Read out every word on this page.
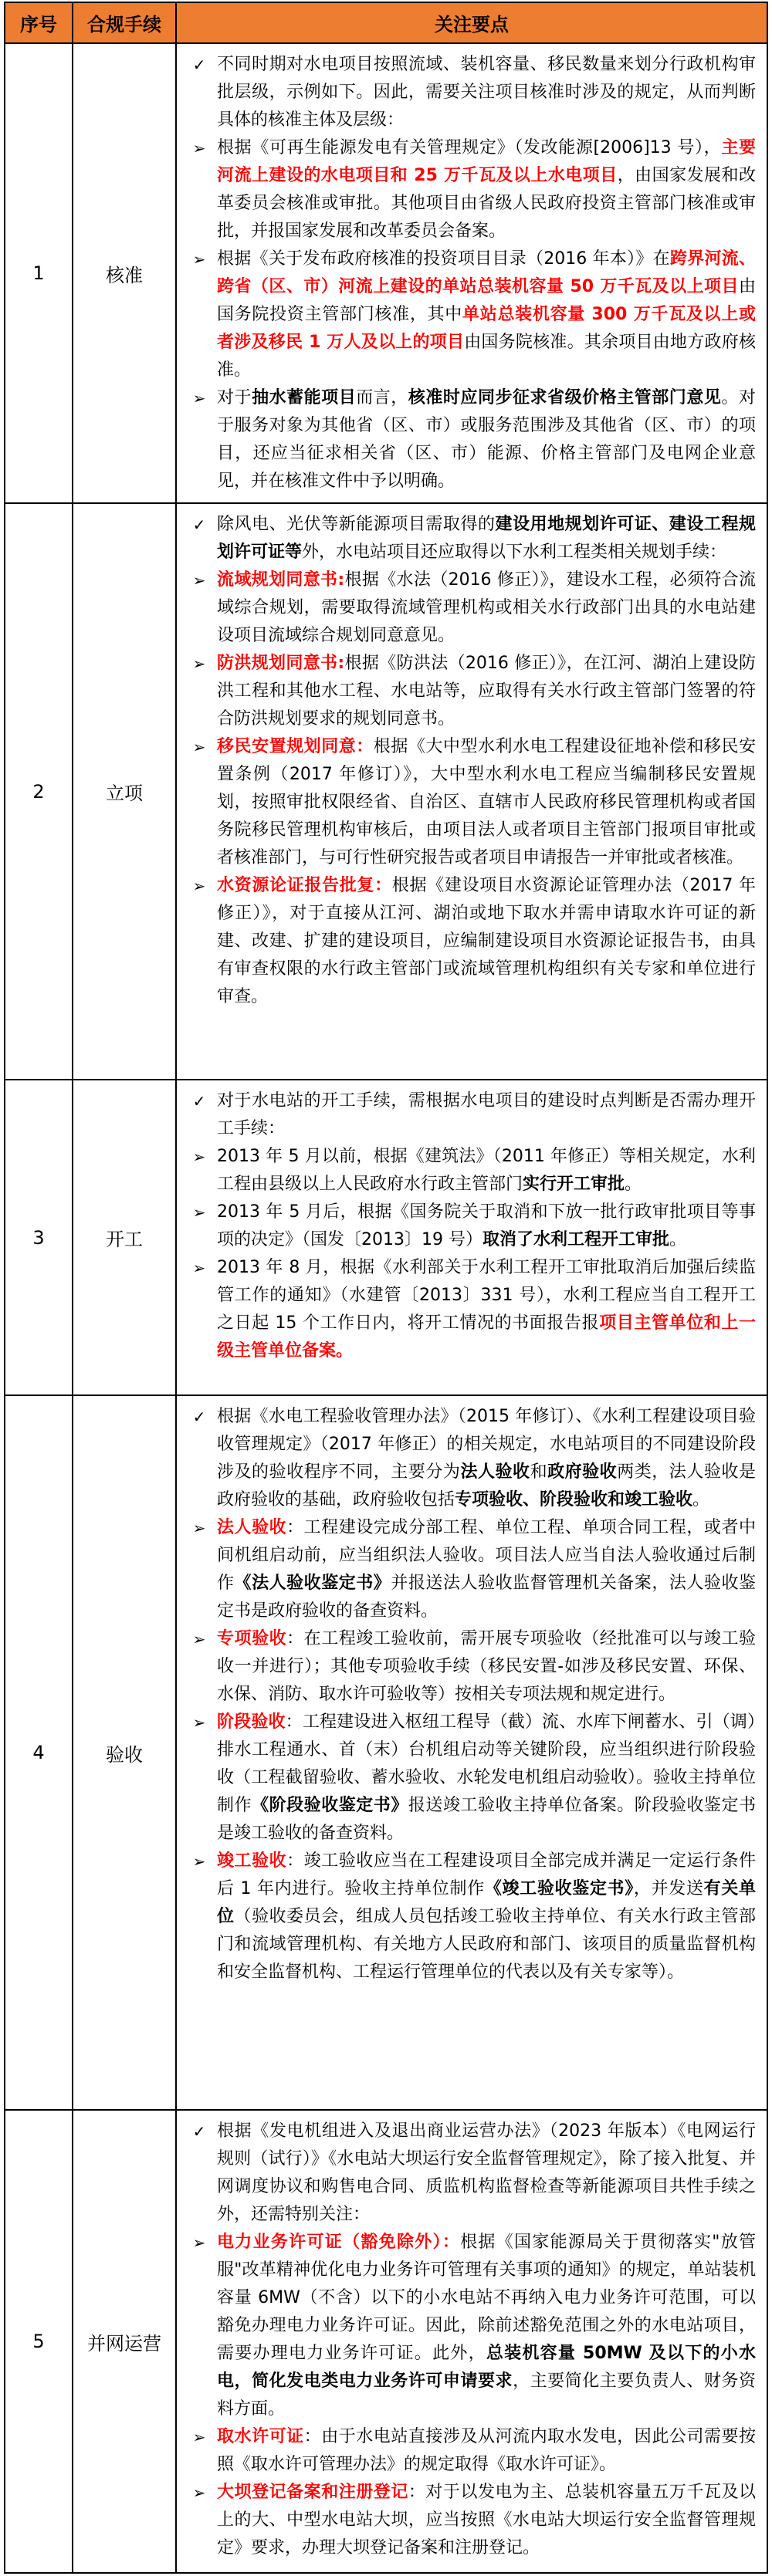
序号	合规手续	关注要点
1	核准
✓ 不同时期对水电项目按照流域、装机容量、移民数量来划分行政机构审批层级，示例如下。因此，需要关注项目核准时涉及的规定，从而判断具体的核准主体及层级：
➢ 根据《可再生能源发电有关管理规定》（发改能源[2006]13 号），主要河流上建设的水电项目和 25 万千瓦及以上水电项目，由国家发展和改革委员会核准或审批。其他项目由省级人民政府投资主管部门核准或审批，并报国家发展和改革委员会备案。
➢ 根据《关于发布政府核准的投资项目目录（2016 年本）》在跨界河流、跨省（区、市）河流上建设的单站总装机容量 50 万千瓦及以上项目由国务院投资主管部门核准，其中单站总装机容量 300 万千瓦及以上或者涉及移民 1 万人及以上的项目由国务院核准。其余项目由地方政府核准。
➢ 对于抽水蓄能项目而言，核准时应同步征求省级价格主管部门意见。对于服务对象为其他省（区、市）或服务范围涉及其他省（区、市）的项目，还应当征求相关省（区、市）能源、价格主管部门及电网企业意见，并在核准文件中予以明确。
2	立项
✓ 除风电、光伏等新能源项目需取得的建设用地规划许可证、建设工程规划许可证等外，水电站项目还应取得以下水利工程类相关规划手续：
➢ 流域规划同意书:根据《水法（2016 修正）》，建设水工程，必须符合流域综合规划，需要取得流域管理机构或相关水行政部门出具的水电站建设项目流域综合规划同意意见。
➢ 防洪规划同意书:根据《防洪法（2016 修正）》，在江河、湖泊上建设防洪工程和其他水工程、水电站等，应取得有关水行政主管部门签署的符合防洪规划要求的规划同意书。
➢ 移民安置规划同意：根据《大中型水利水电工程建设征地补偿和移民安置条例（2017 年修订）》，大中型水利水电工程应当编制移民安置规划，按照审批权限经省、自治区、直辖市人民政府移民管理机构或者国务院移民管理机构审核后，由项目法人或者项目主管部门报项目审批或者核准部门，与可行性研究报告或者项目申请报告一并审批或者核准。
➢ 水资源论证报告批复：根据《建设项目水资源论证管理办法（2017 年修正）》，对于直接从江河、湖泊或地下取水并需申请取水许可证的新建、改建、扩建的建设项目，应编制建设项目水资源论证报告书，由具有审查权限的水行政主管部门或流域管理机构组织有关专家和单位进行审查。
3	开工
✓ 对于水电站的开工手续，需根据水电项目的建设时点判断是否需办理开工手续：
➢ 2013 年 5 月以前，根据《建筑法》（2011 年修正）等相关规定，水利工程由县级以上人民政府水行政主管部门实行开工审批。
➢ 2013 年 5 月后，根据《国务院关于取消和下放一批行政审批项目等事项的决定》（国发〔2013〕19 号）取消了水利工程开工审批。
➢ 2013 年 8 月，根据《水利部关于水利工程开工审批取消后加强后续监管工作的通知》（水建管〔2013〕331 号），水利工程应当自工程开工之日起 15 个工作日内，将开工情况的书面报告报项目主管单位和上一级主管单位备案。
4	验收
✓ 根据《水电工程验收管理办法》（2015 年修订）、《水利工程建设项目验收管理规定》（2017 年修正）的相关规定，水电站项目的不同建设阶段涉及的验收程序不同，主要分为法人验收和政府验收两类，法人验收是政府验收的基础，政府验收包括专项验收、阶段验收和竣工验收。
➢ 法人验收：工程建设完成分部工程、单位工程、单项合同工程，或者中间机组启动前，应当组织法人验收。项目法人应当自法人验收通过后制作《法人验收鉴定书》并报送法人验收监督管理机关备案，法人验收鉴定书是政府验收的备查资料。
➢ 专项验收：在工程竣工验收前，需开展专项验收（经批准可以与竣工验收一并进行）；其他专项验收手续（移民安置-如涉及移民安置、环保、水保、消防、取水许可验收等）按相关专项法规和规定进行。
➢ 阶段验收：工程建设进入枢纽工程导（截）流、水库下闸蓄水、引（调）排水工程通水、首（末）台机组启动等关键阶段，应当组织进行阶段验收（工程截留验收、蓄水验收、水轮发电机组启动验收）。验收主持单位制作《阶段验收鉴定书》报送竣工验收主持单位备案。阶段验收鉴定书是竣工验收的备查资料。
➢ 竣工验收：竣工验收应当在工程建设项目全部完成并满足一定运行条件后 1 年内进行。验收主持单位制作《竣工验收鉴定书》，并发送有关单位（验收委员会，组成人员包括竣工验收主持单位、有关水行政主管部门和流域管理机构、有关地方人民政府和部门、该项目的质量监督机构和安全监督机构、工程运行管理单位的代表以及有关专家等）。
5	并网运营
✓ 根据《发电机组进入及退出商业运营办法》（2023 年版本）《电网运行规则（试行）》《水电站大坝运行安全监督管理规定》，除了接入批复、并网调度协议和购售电合同、质监机构监督检查等新能源项目共性手续之外，还需特别关注：
➢ 电力业务许可证（豁免除外）：根据《国家能源局关于贯彻落实"放管服"改革精神优化电力业务许可管理有关事项的通知》的规定，单站装机容量 6MW（不含）以下的小水电站不再纳入电力业务许可范围，可以豁免办理电力业务许可证。因此，除前述豁免范围之外的水电站项目，需要办理电力业务许可证。此外，总装机容量 50MW 及以下的小水电，简化发电类电力业务许可申请要求，主要简化主要负责人、财务资料方面。
➢ 取水许可证：由于水电站直接涉及从河流内取水发电，因此公司需要按照《取水许可管理办法》的规定取得《取水许可证》。
➢ 大坝登记备案和注册登记：对于以发电为主、总装机容量五万千瓦及以上的大、中型水电站大坝，应当按照《水电站大坝运行安全监督管理规定》要求，办理大坝登记备案和注册登记。
